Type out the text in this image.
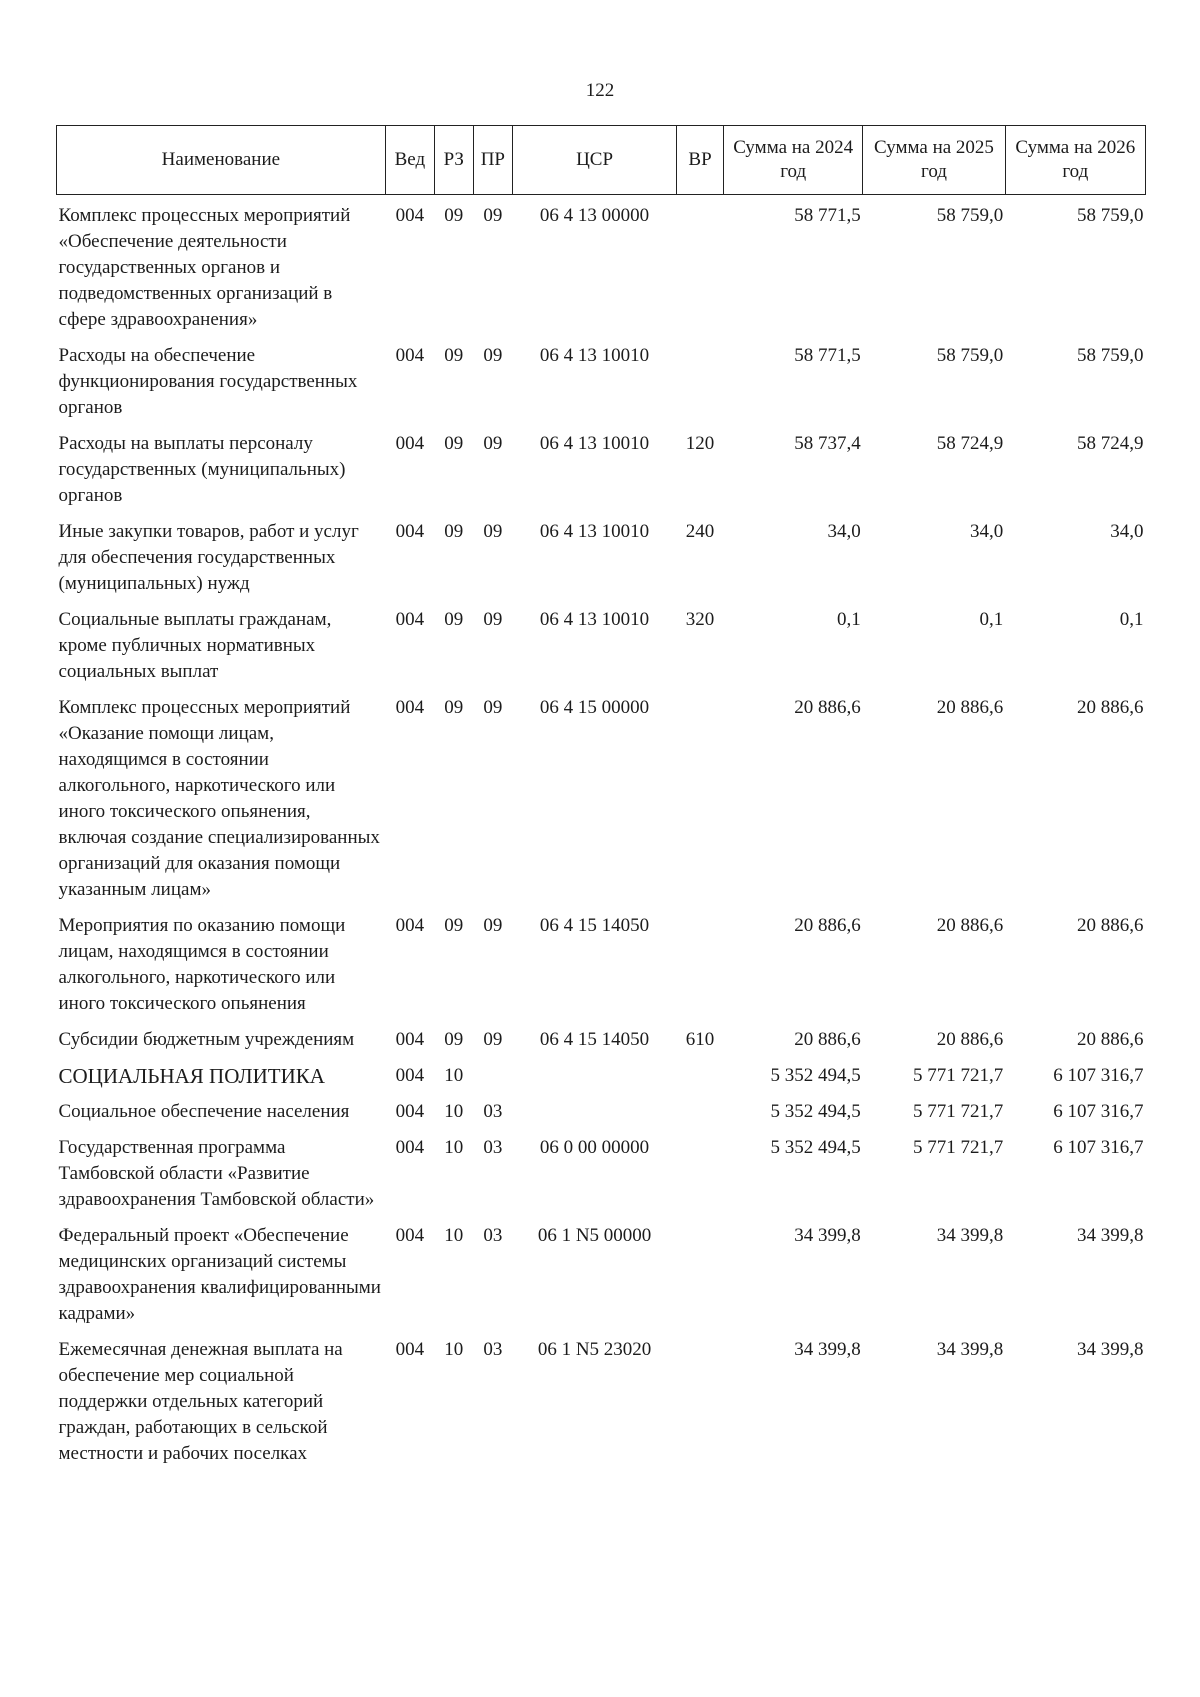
122
Наименование	Вед	РЗ	ПР	ЦСР	ВР	Сумма на 2024 год	Сумма на 2025 год	Сумма на 2026 год
Комплекс процессных мероприятий «Обеспечение деятельности государственных органов и подведомственных организаций в сфере здравоохранения»	004	09	09	06 4 13 00000		58 771,5	58 759,0	58 759,0
Расходы на обеспечение функционирования государственных органов	004	09	09	06 4 13 10010		58 771,5	58 759,0	58 759,0
Расходы на выплаты персоналу государственных (муниципальных) органов	004	09	09	06 4 13 10010	120	58 737,4	58 724,9	58 724,9
Иные закупки товаров, работ и услуг для обеспечения государственных (муниципальных) нужд	004	09	09	06 4 13 10010	240	34,0	34,0	34,0
Социальные выплаты гражданам, кроме публичных нормативных социальных выплат	004	09	09	06 4 13 10010	320	0,1	0,1	0,1
Комплекс процессных мероприятий «Оказание помощи лицам, находящимся в состоянии алкогольного, наркотического или иного токсического опьянения, включая создание специализированных организаций для оказания помощи указанным лицам»	004	09	09	06 4 15 00000		20 886,6	20 886,6	20 886,6
Мероприятия по оказанию помощи лицам, находящимся в состоянии алкогольного, наркотического или иного токсического опьянения	004	09	09	06 4 15 14050		20 886,6	20 886,6	20 886,6
Субсидии бюджетным учреждениям	004	09	09	06 4 15 14050	610	20 886,6	20 886,6	20 886,6
СОЦИАЛЬНАЯ ПОЛИТИКА	004	10				5 352 494,5	5 771 721,7	6 107 316,7
Социальное обеспечение населения	004	10	03			5 352 494,5	5 771 721,7	6 107 316,7
Государственная программа Тамбовской области «Развитие здравоохранения Тамбовской области»	004	10	03	06 0 00 00000		5 352 494,5	5 771 721,7	6 107 316,7
Федеральный проект «Обеспечение медицинских организаций системы здравоохранения квалифицированными кадрами»	004	10	03	06 1 N5 00000		34 399,8	34 399,8	34 399,8
Ежемесячная денежная выплата на обеспечение мер социальной поддержки отдельных категорий граждан, работающих в сельской местности и рабочих поселках	004	10	03	06 1 N5 23020		34 399,8	34 399,8	34 399,8
